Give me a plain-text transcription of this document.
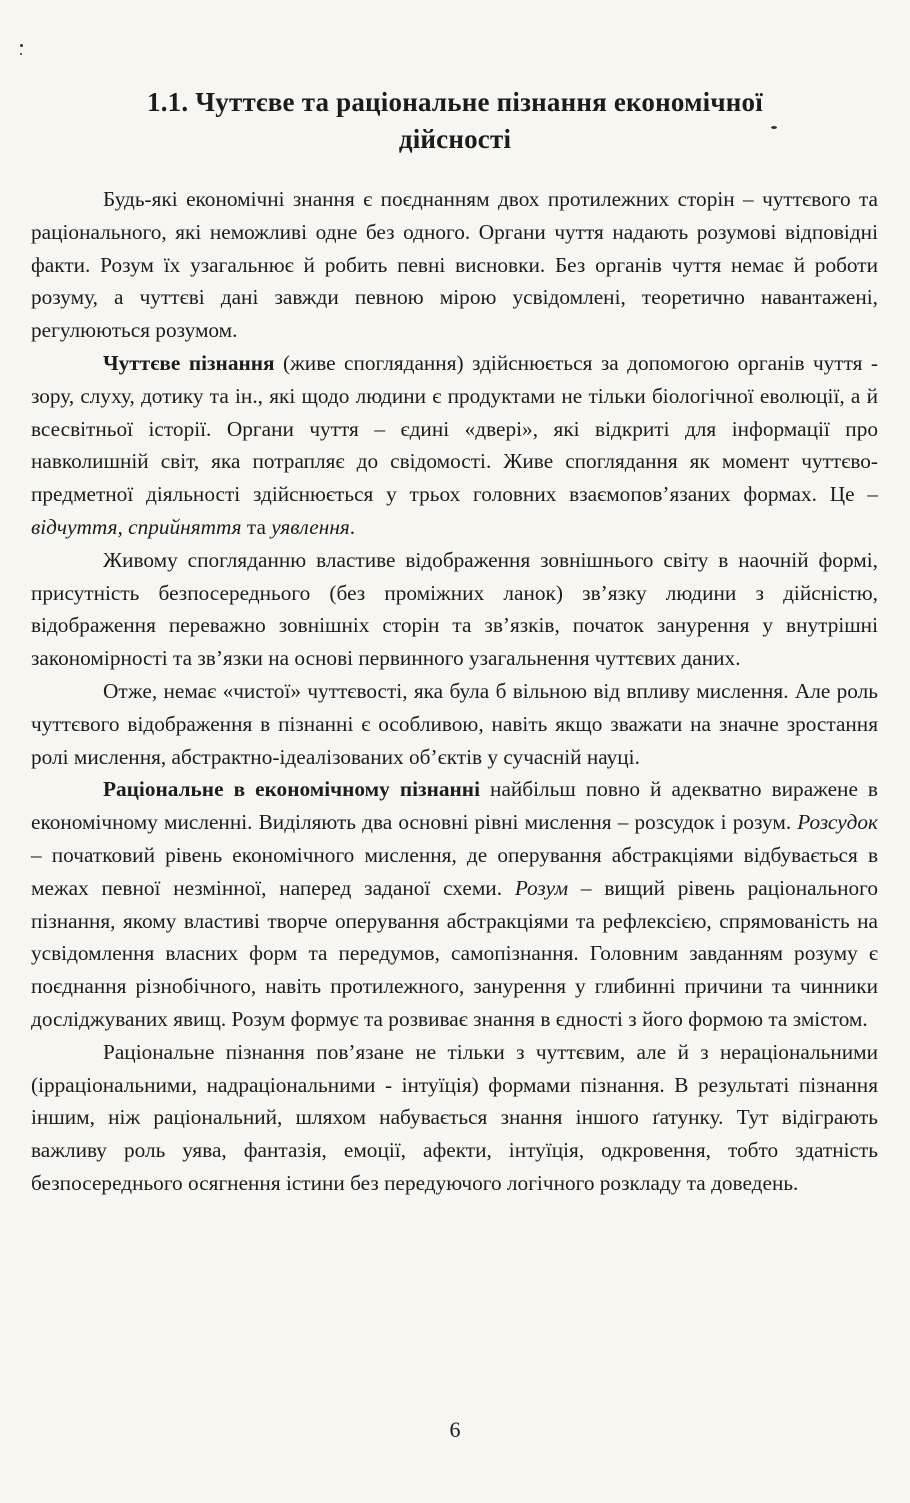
1.1. Чуттєве та раціональне пізнання економічної
дійсності

Будь-які економічні знання є поєднанням двох протилежних сторін – чуттєвого та раціонального, які неможливі одне без одного. Органи чуття надають розумові відповідні факти. Розум їх узагальнює й робить певні висновки. Без органів чуття немає й роботи розуму, а чуттєві дані завжди певною мірою усвідомлені, теоретично навантажені, регулюються розумом.

Чуттєве пізнання (живе споглядання) здійснюється за допомогою органів чуття - зору, слуху, дотику та ін., які щодо людини є продуктами не тільки біологічної еволюції, а й всесвітньої історії. Органи чуття – єдині «двері», які відкриті для інформації про навколишній світ, яка потрапляє до свідомості. Живе споглядання як момент чуттєво-предметної діяльності здійснюється у трьох головних взаємопов’язаних формах. Це – відчуття, сприйняття та уявлення.

Живому спогляданню властиве відображення зовнішнього світу в наочній формі, присутність безпосереднього (без проміжних ланок) зв’язку людини з дійсністю, відображення переважно зовнішніх сторін та зв’язків, початок занурення у внутрішні закономірності та зв’язки на основі первинного узагальнення чуттєвих даних.

Отже, немає «чистої» чуттєвості, яка була б вільною від впливу мислення. Але роль чуттєвого відображення в пізнанні є особливою, навіть якщо зважати на значне зростання ролі мислення, абстрактно-ідеалізованих об’єктів у сучасній науці.

Раціональне в економічному пізнанні найбільш повно й адекватно виражене в економічному мисленні. Виділяють два основні рівні мислення – розсудок і розум. Розсудок – початковий рівень економічного мислення, де оперування абстракціями відбувається в межах певної незмінної, наперед заданої схеми. Розум – вищий рівень раціонального пізнання, якому властиві творче оперування абстракціями та рефлексією, спрямованість на усвідомлення власних форм та передумов, самопізнання. Головним завданням розуму є поєднання різнобічного, навіть протилежного, занурення у глибинні причини та чинники досліджуваних явищ. Розум формує та розвиває знання в єдності з його формою та змістом.

Раціональне пізнання пов’язане не тільки з чуттєвим, але й з нераціональними (ірраціональними, надраціональними - інтуїція) формами пізнання. В результаті пізнання іншим, ніж раціональний, шляхом набувається знання іншого ґатунку. Тут відіграють важливу роль уява, фантазія, емоції, афекти, інтуїція, одкровення, тобто здатність безпосереднього осягнення істини без передуючого логічного розкладу та доведень.

6
